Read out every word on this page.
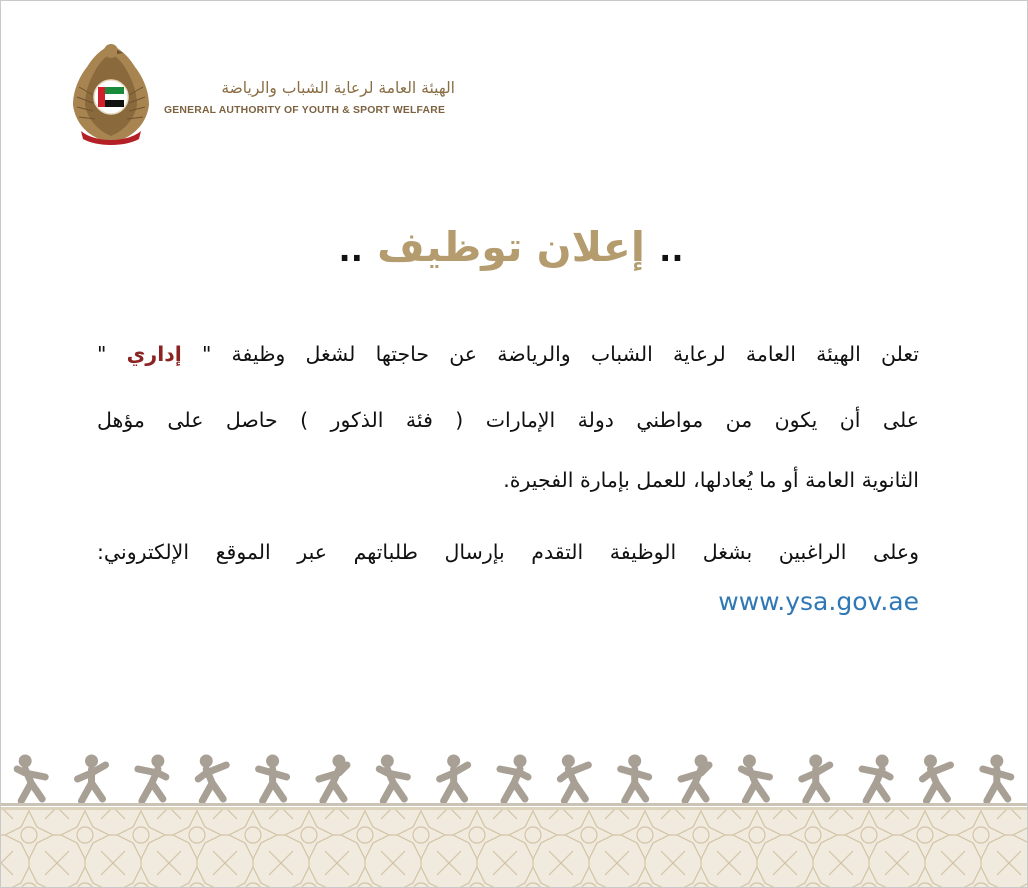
الهيئة العامة لرعاية الشباب والرياضة
GENERAL AUTHORITY OF YOUTH & SPORT WELFARE
.. إعلان توظيف ..
تعلن الهيئة العامة لرعاية الشباب والرياضة عن حاجتها لشغل وظيفة " إداري "
على أن يكون من مواطني دولة الإمارات ( فئة الذكور ) حاصل على مؤهل
الثانوية العامة أو ما يُعادلها، للعمل بإمارة الفجيرة.
وعلى الراغبين بشغل الوظيفة التقدم بإرسال طلباتهم عبر الموقع الإلكتروني:
www.ysa.gov.ae
